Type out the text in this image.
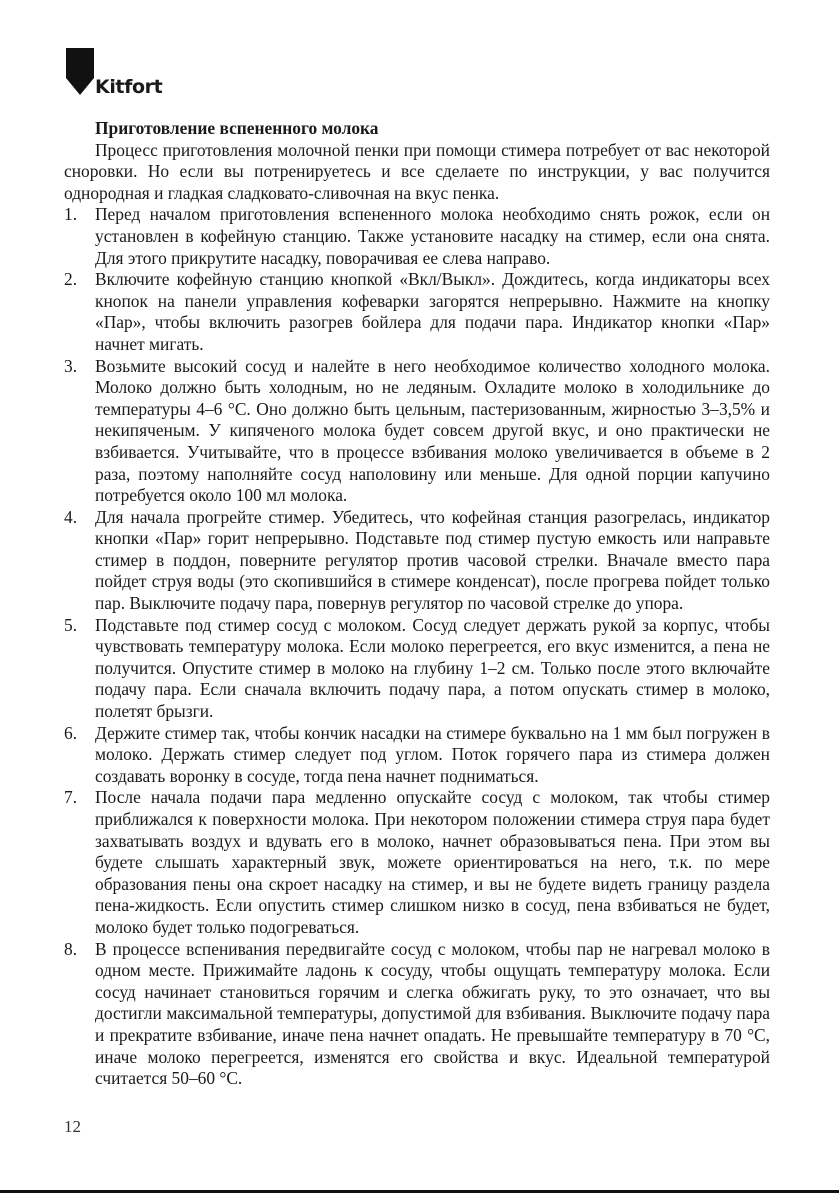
Kitfort

Приготовление вспененного молока

Процесс приготовления молочной пенки при помощи стимера потребует от вас некоторой сноровки. Но если вы потренируетесь и все сделаете по инструкции, у вас получится однородная и гладкая сладковато-сливочная на вкус пенка.

1. Перед началом приготовления вспененного молока необходимо снять рожок, если он установлен в кофейную станцию. Также установите насадку на стимер, если она снята. Для этого прикрутите насадку, поворачивая ее слева направо.
2. Включите кофейную станцию кнопкой «Вкл/Выкл». Дождитесь, когда индикаторы всех кнопок на панели управления кофеварки загорятся непрерывно. Нажмите на кнопку «Пар», чтобы включить разогрев бойлера для подачи пара. Индикатор кнопки «Пар» начнет мигать.
3. Возьмите высокий сосуд и налейте в него необходимое количество холодного молока. Молоко должно быть холодным, но не ледяным. Охладите молоко в холодильнике до температуры 4–6 °C. Оно должно быть цельным, пастеризованным, жирностью 3–3,5% и некипяченым. У кипяченого молока будет совсем другой вкус, и оно практически не взбивается. Учитывайте, что в процессе взбивания молоко увеличивается в объеме в 2 раза, поэтому наполняйте сосуд наполовину или меньше. Для одной порции капучино потребуется около 100 мл молока.
4. Для начала прогрейте стимер. Убедитесь, что кофейная станция разогрелась, индикатор кнопки «Пар» горит непрерывно. Подставьте под стимер пустую емкость или направьте стимер в поддон, поверните регулятор против часовой стрелки. Вначале вместо пара пойдет струя воды (это скопившийся в стимере конденсат), после прогрева пойдет только пар. Выключите подачу пара, повернув регулятор по часовой стрелке до упора.
5. Подставьте под стимер сосуд с молоком. Сосуд следует держать рукой за корпус, чтобы чувствовать температуру молока. Если молоко перегреется, его вкус изменится, а пена не получится. Опустите стимер в молоко на глубину 1–2 см. Только после этого включайте подачу пара. Если сначала включить подачу пара, а потом опускать стимер в молоко, полетят брызги.
6. Держите стимер так, чтобы кончик насадки на стимере буквально на 1 мм был погружен в молоко. Держать стимер следует под углом. Поток горячего пара из стимера должен создавать воронку в сосуде, тогда пена начнет подниматься.
7. После начала подачи пара медленно опускайте сосуд с молоком, так чтобы стимер приближался к поверхности молока. При некотором положении стимера струя пара будет захватывать воздух и вдувать его в молоко, начнет образовываться пена. При этом вы будете слышать характерный звук, можете ориентироваться на него, т.к. по мере образования пены она скроет насадку на стимер, и вы не будете видеть границу раздела пена-жидкость. Если опустить стимер слишком низко в сосуд, пена взбиваться не будет, молоко будет только подогреваться.
8. В процессе вспенивания передвигайте сосуд с молоком, чтобы пар не нагревал молоко в одном месте. Прижимайте ладонь к сосуду, чтобы ощущать температуру молока. Если сосуд начинает становиться горячим и слегка обжигать руку, то это означает, что вы достигли максимальной температуры, допустимой для взбивания. Выключите подачу пара и прекратите взбивание, иначе пена начнет опадать. Не превышайте температуру в 70 °C, иначе молоко перегреется, изменятся его свойства и вкус. Идеальной температурой считается 50–60 °C.
12
